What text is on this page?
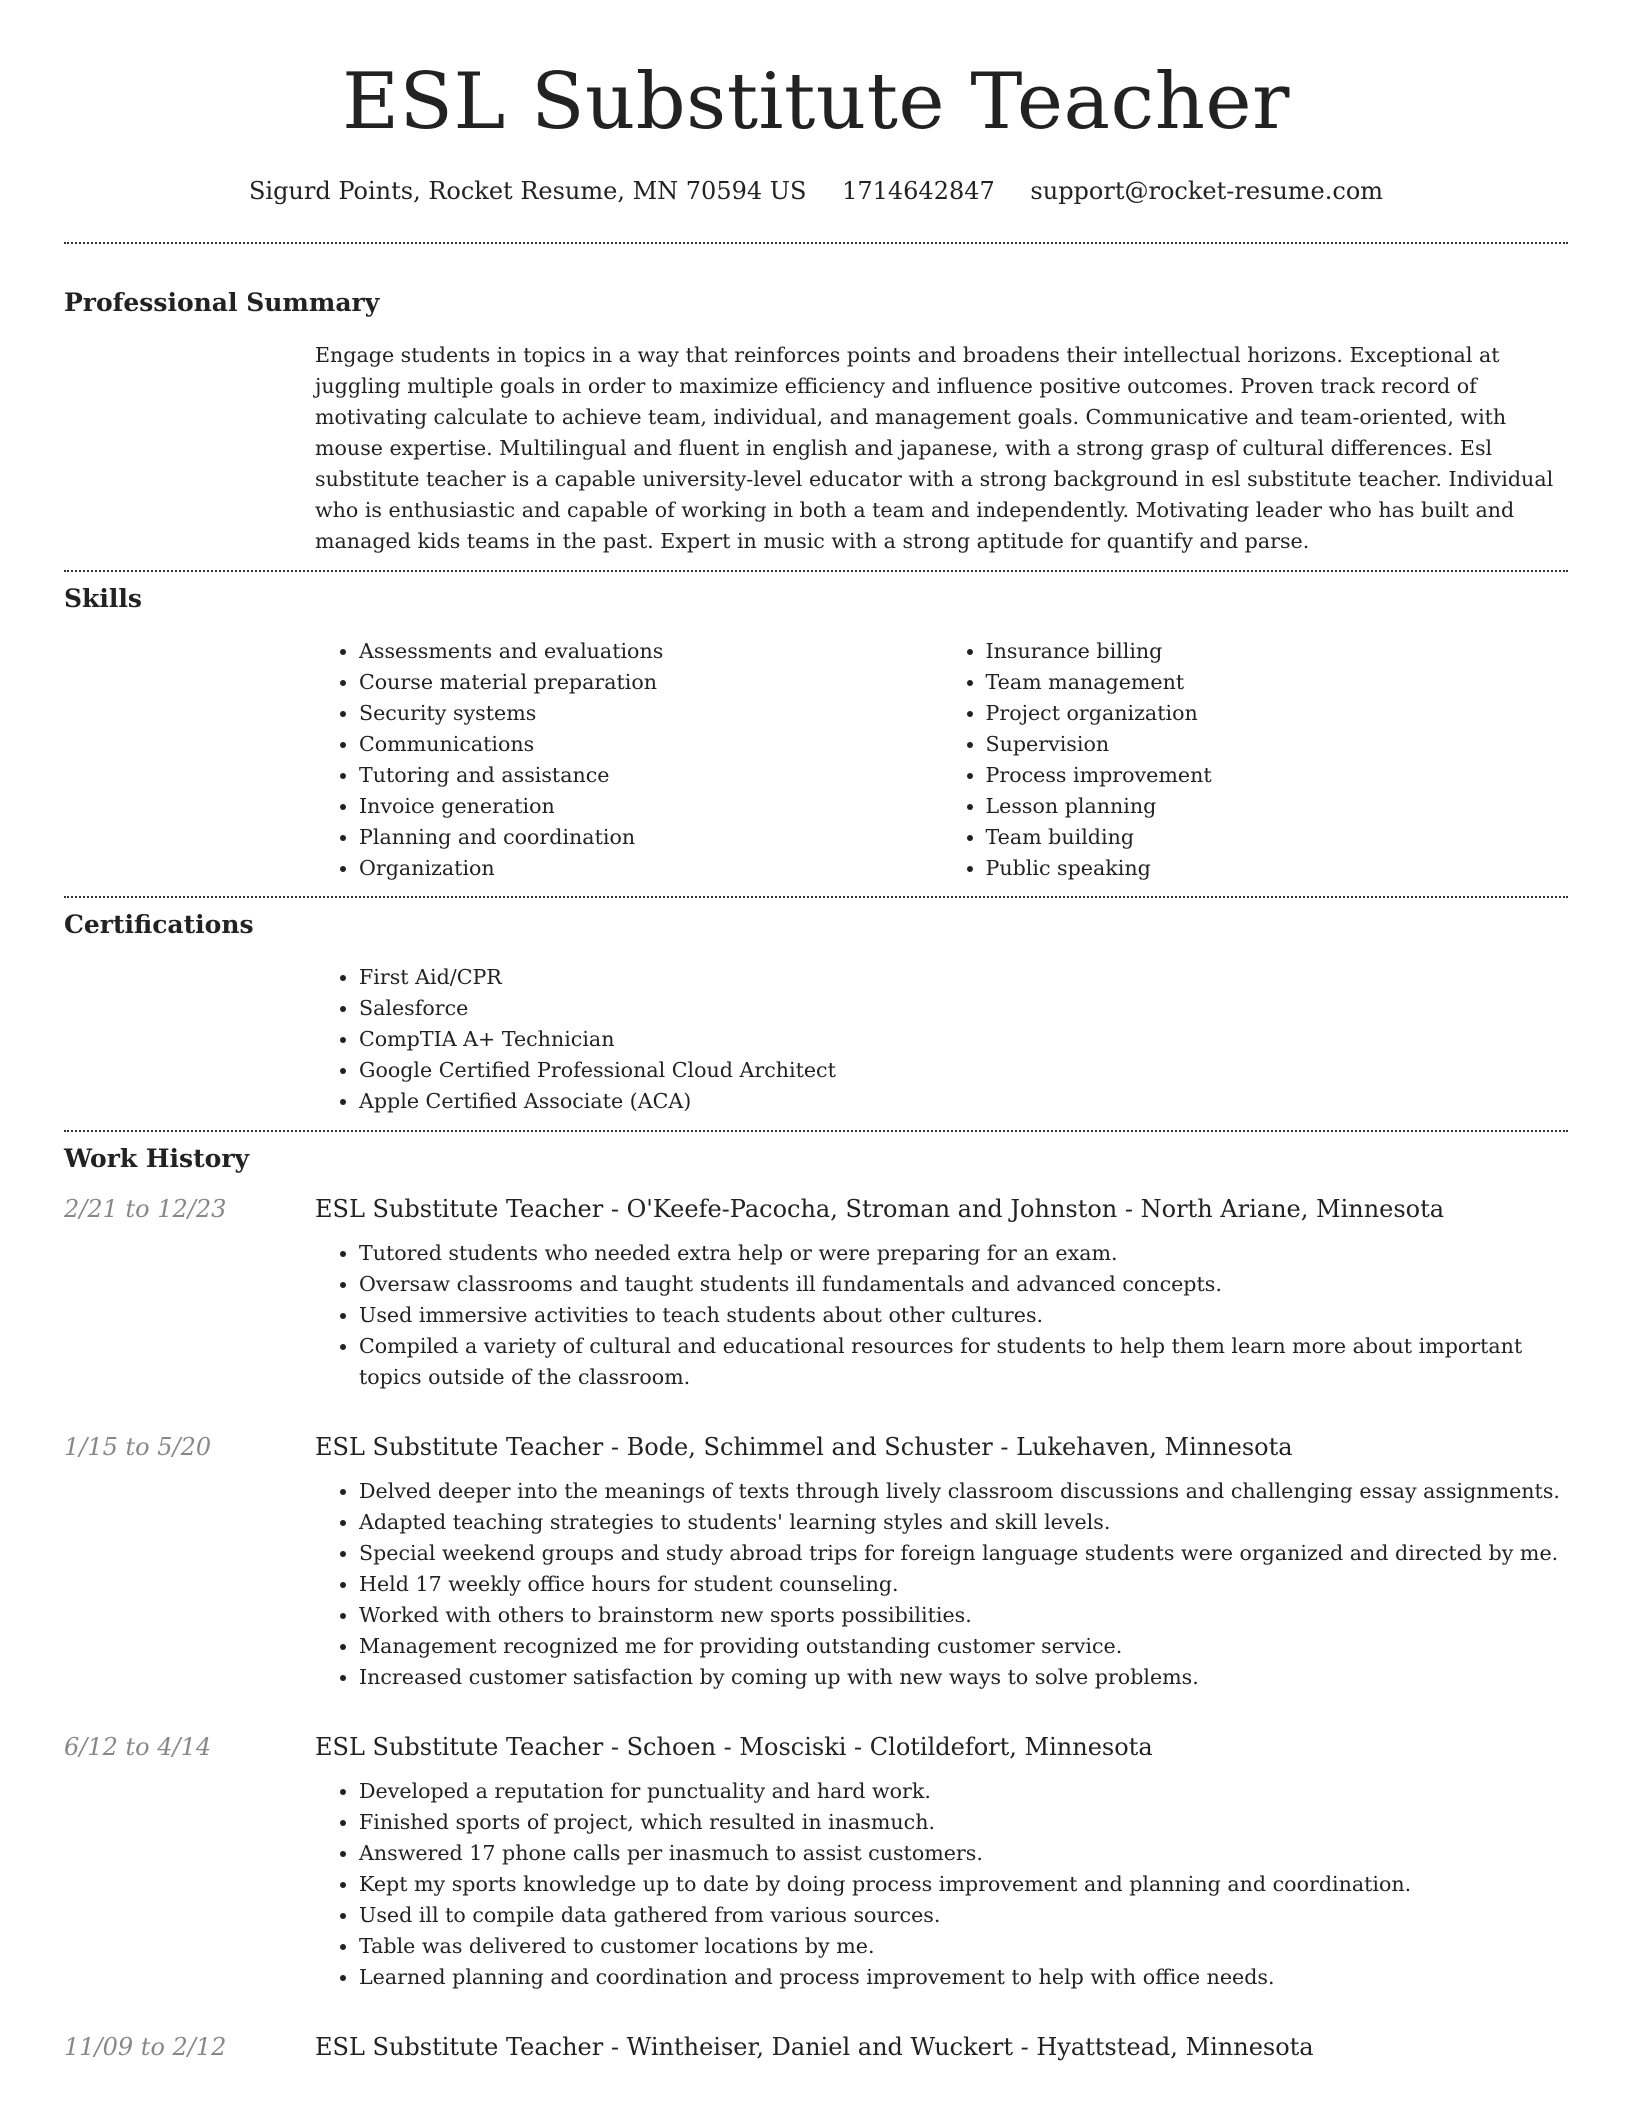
ESL Substitute Teacher
Sigurd Points, Rocket Resume, MN 70594 US 1714642847 support@rocket-resume.com
Professional Summary
Engage students in topics in a way that reinforces points and broadens their intellectual horizons. Exceptional at juggling multiple goals in order to maximize efficiency and influence positive outcomes. Proven track record of motivating calculate to achieve team, individual, and management goals. Communicative and team-oriented, with mouse expertise. Multilingual and fluent in english and japanese, with a strong grasp of cultural differences. Esl substitute teacher is a capable university-level educator with a strong background in esl substitute teacher. Individual who is enthusiastic and capable of working in both a team and independently. Motivating leader who has built and managed kids teams in the past. Expert in music with a strong aptitude for quantify and parse.
Skills
• Assessments and evaluations
• Course material preparation
• Security systems
• Communications
• Tutoring and assistance
• Invoice generation
• Planning and coordination
• Organization
• Insurance billing
• Team management
• Project organization
• Supervision
• Process improvement
• Lesson planning
• Team building
• Public speaking
Certifications
• First Aid/CPR
• Salesforce
• CompTIA A+ Technician
• Google Certified Professional Cloud Architect
• Apple Certified Associate (ACA)
Work History
2/21 to 12/23	ESL Substitute Teacher - O'Keefe-Pacocha, Stroman and Johnston - North Ariane, Minnesota
• Tutored students who needed extra help or were preparing for an exam.
• Oversaw classrooms and taught students ill fundamentals and advanced concepts.
• Used immersive activities to teach students about other cultures.
• Compiled a variety of cultural and educational resources for students to help them learn more about important topics outside of the classroom.
1/15 to 5/20	ESL Substitute Teacher - Bode, Schimmel and Schuster - Lukehaven, Minnesota
• Delved deeper into the meanings of texts through lively classroom discussions and challenging essay assignments.
• Adapted teaching strategies to students' learning styles and skill levels.
• Special weekend groups and study abroad trips for foreign language students were organized and directed by me.
• Held 17 weekly office hours for student counseling.
• Worked with others to brainstorm new sports possibilities.
• Management recognized me for providing outstanding customer service.
• Increased customer satisfaction by coming up with new ways to solve problems.
6/12 to 4/14	ESL Substitute Teacher - Schoen - Mosciski - Clotildefort, Minnesota
• Developed a reputation for punctuality and hard work.
• Finished sports of project, which resulted in inasmuch.
• Answered 17 phone calls per inasmuch to assist customers.
• Kept my sports knowledge up to date by doing process improvement and planning and coordination.
• Used ill to compile data gathered from various sources.
• Table was delivered to customer locations by me.
• Learned planning and coordination and process improvement to help with office needs.
11/09 to 2/12	ESL Substitute Teacher - Wintheiser, Daniel and Wuckert - Hyattstead, Minnesota
